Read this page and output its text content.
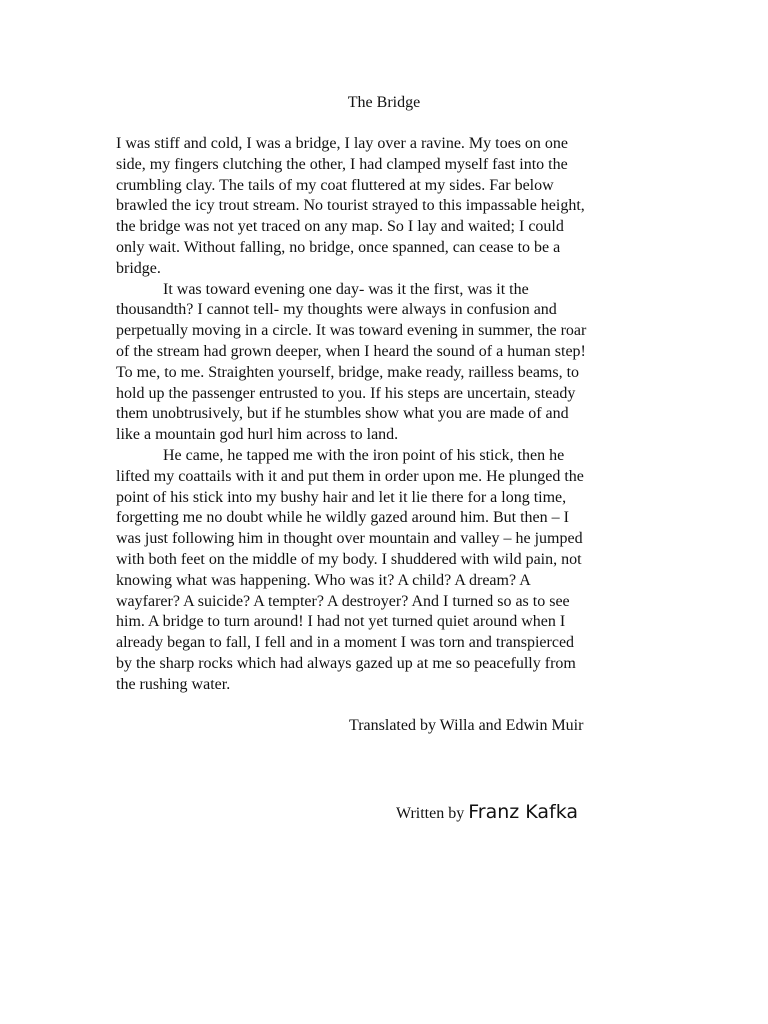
The Bridge
I was stiff and cold, I was a bridge, I lay over a ravine. My toes on one
side, my fingers clutching the other, I had clamped myself fast into the
crumbling clay. The tails of my coat fluttered at my sides. Far below
brawled the icy trout stream. No tourist strayed to this impassable height,
the bridge was not yet traced on any map. So I lay and waited; I could
only wait. Without falling, no bridge, once spanned, can cease to be a
bridge.
It was toward evening one day- was it the first, was it the
thousandth? I cannot tell- my thoughts were always in confusion and
perpetually moving in a circle. It was toward evening in summer, the roar
of the stream had grown deeper, when I heard the sound of a human step!
To me, to me. Straighten yourself, bridge, make ready, railless beams, to
hold up the passenger entrusted to you. If his steps are uncertain, steady
them unobtrusively, but if he stumbles show what you are made of and
like a mountain god hurl him across to land.
He came, he tapped me with the iron point of his stick, then he
lifted my coattails with it and put them in order upon me. He plunged the
point of his stick into my bushy hair and let it lie there for a long time,
forgetting me no doubt while he wildly gazed around him. But then – I
was just following him in thought over mountain and valley – he jumped
with both feet on the middle of my body. I shuddered with wild pain, not
knowing what was happening. Who was it? A child? A dream? A
wayfarer? A suicide? A tempter? A destroyer? And I turned so as to see
him. A bridge to turn around! I had not yet turned quiet around when I
already began to fall, I fell and in a moment I was torn and transpierced
by the sharp rocks which had always gazed up at me so peacefully from
the rushing water.

Translated by Willa and Edwin Muir

Written by Franz Kafka
